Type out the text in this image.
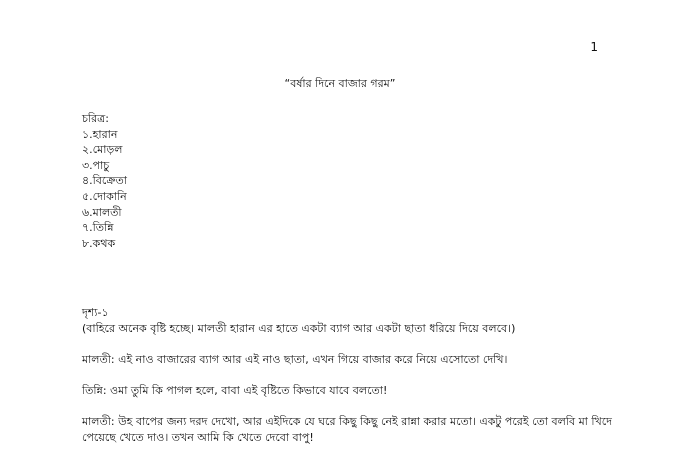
1
“বর্ষার দিনে বাজার গরম”

চরিত্র:

১.হারান
২.মোড়ল
৩.পাচু
৪.বিক্রেতা
৫.দোকানি
৬.মালতী
৭.তিন্নি
৮.কথক

দৃশ্য-১

(বাহিরে অনেক বৃষ্টি হচ্ছে। মালতী হারান এর হাতে একটা ব্যাগ আর একটা ছাতা ধরিয়ে দিয়ে বলবে।)

মালতী: এই নাও বাজারের ব্যাগ আর এই নাও ছাতা, এখন গিয়ে বাজার করে নিয়ে এসোতো দেখি।

তিন্নি: ওমা তুমি কি পাগল হলে, বাবা এই বৃষ্টিতে কিভাবে যাবে বলতো!

মালতী: উহ বাপের জন্য দরদ দেখো, আর এইদিকে যে ঘরে কিছু কিছু নেই রান্না করার মতো। একটু পরেই তো বলবি মা খিদে পেয়েছে খেতে দাও। তখন আমি কি খেতে দেবো বাপু!
